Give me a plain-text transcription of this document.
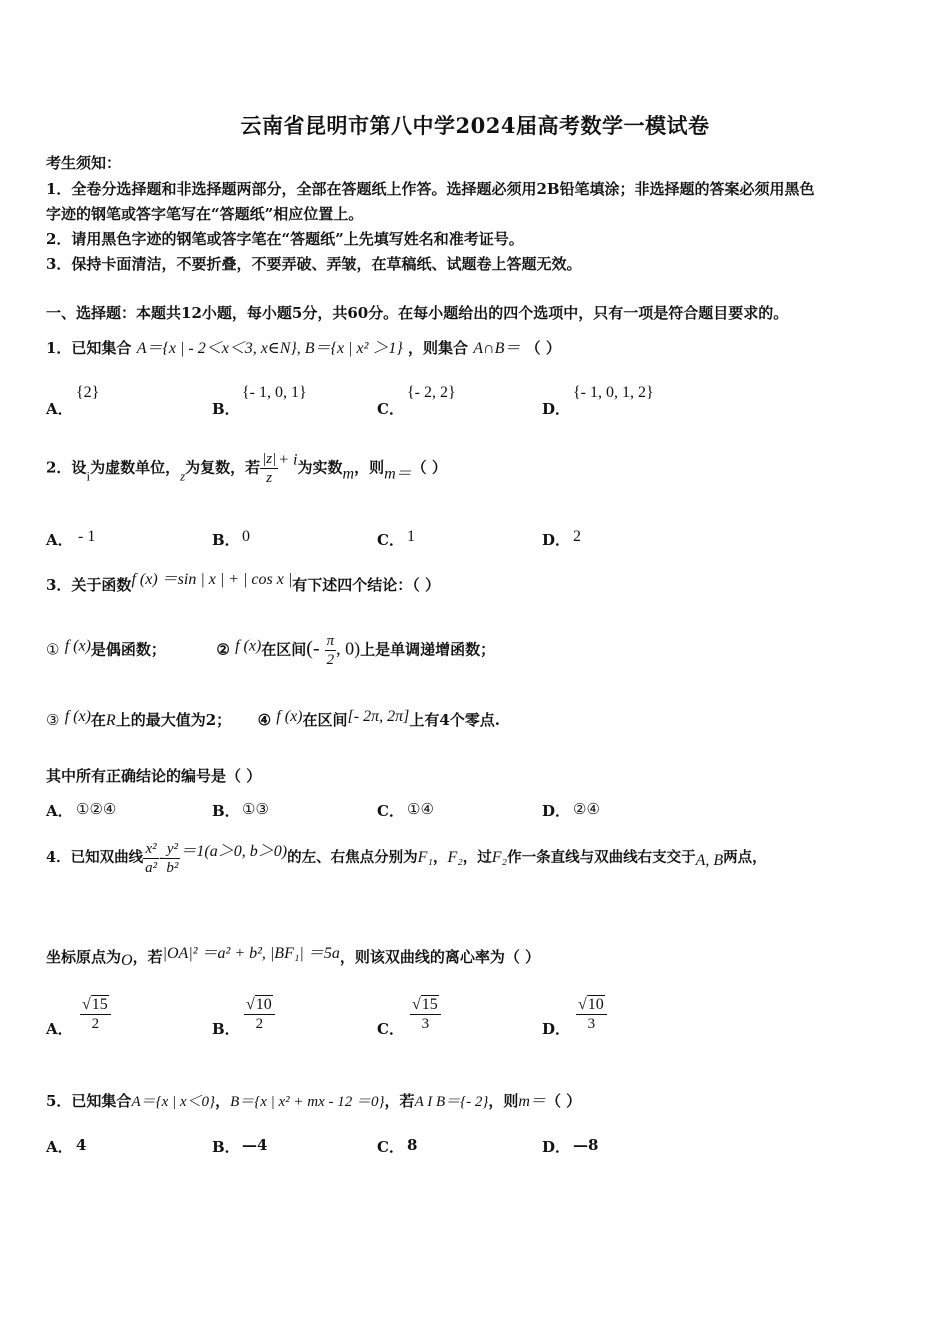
云南省昆明市第八中学2024届高考数学一模试卷
考生须知：
1．全卷分选择题和非选择题两部分，全部在答题纸上作答。选择题必须用2B铅笔填涂；非选择题的答案必须用黑色
字迹的钢笔或答字笔写在“答题纸”相应位置上。
2．请用黑色字迹的钢笔或答字笔在“答题纸”上先填写姓名和准考证号。
3．保持卡面清洁，不要折叠，不要弄破、弄皱，在草稿纸、试题卷上答题无效。
一、选择题：本题共12小题，每小题5分，共60分。在每小题给出的四个选项中，只有一项是符合题目要求的。
1．已知集合 A＝{x | - 2＜x＜3, x∈N}, B＝{x | x² ＞1} ，则集合 A∩B＝ （ ）
A．
{2}
B．
{- 1, 0, 1}
C．
{- 2, 2}
D．
{- 1, 0, 1, 2}
2．设i为虚数单位，z为复数，若 $\frac{|z|}{z} + i$为实数m，则m＝（ ）
A． - 1	B． 0	C． 1	D． 2
3．关于函数f (x) ＝sin | x | + | cos x |有下述四个结论：（ ）
① f (x)是偶函数；	② f (x)在区间(- $\frac{\pi}{2}$ , 0)上是单调递增函数；
③ f (x)在R上的最大值为2； ④ f (x)在区间[- 2π, 2π]上有4个零点.
其中所有正确结论的编号是（ ）
A． ①②④	B． ①③	C． ①④	D． ②④
4．已知双曲线 $\frac{\text{x²}}{\text{a²}} - \frac{\text{y²}}{\text{b²}} =1(a>0$, b＞0)的左、右焦点分别为F₁，F₂，过F₂作一条直线与双曲线右支交于A, B两点，
坐标原点为O，若|OA|² ＝a² + b², |BF₁| ＝5a，则该双曲线的离心率为（ ）
A． $\frac{√15}{2}$	B． $\frac{√10}{2}$	C． $\frac{√15}{3}$	D． $\frac{√10}{3}$
5．已知集合A＝{x | x＜0}，B＝{x | x² + mx - 12 ＝0}，若A I B＝{- 2}，则m＝（ ）
A． 4	B． —4	C． 8	D． —8
